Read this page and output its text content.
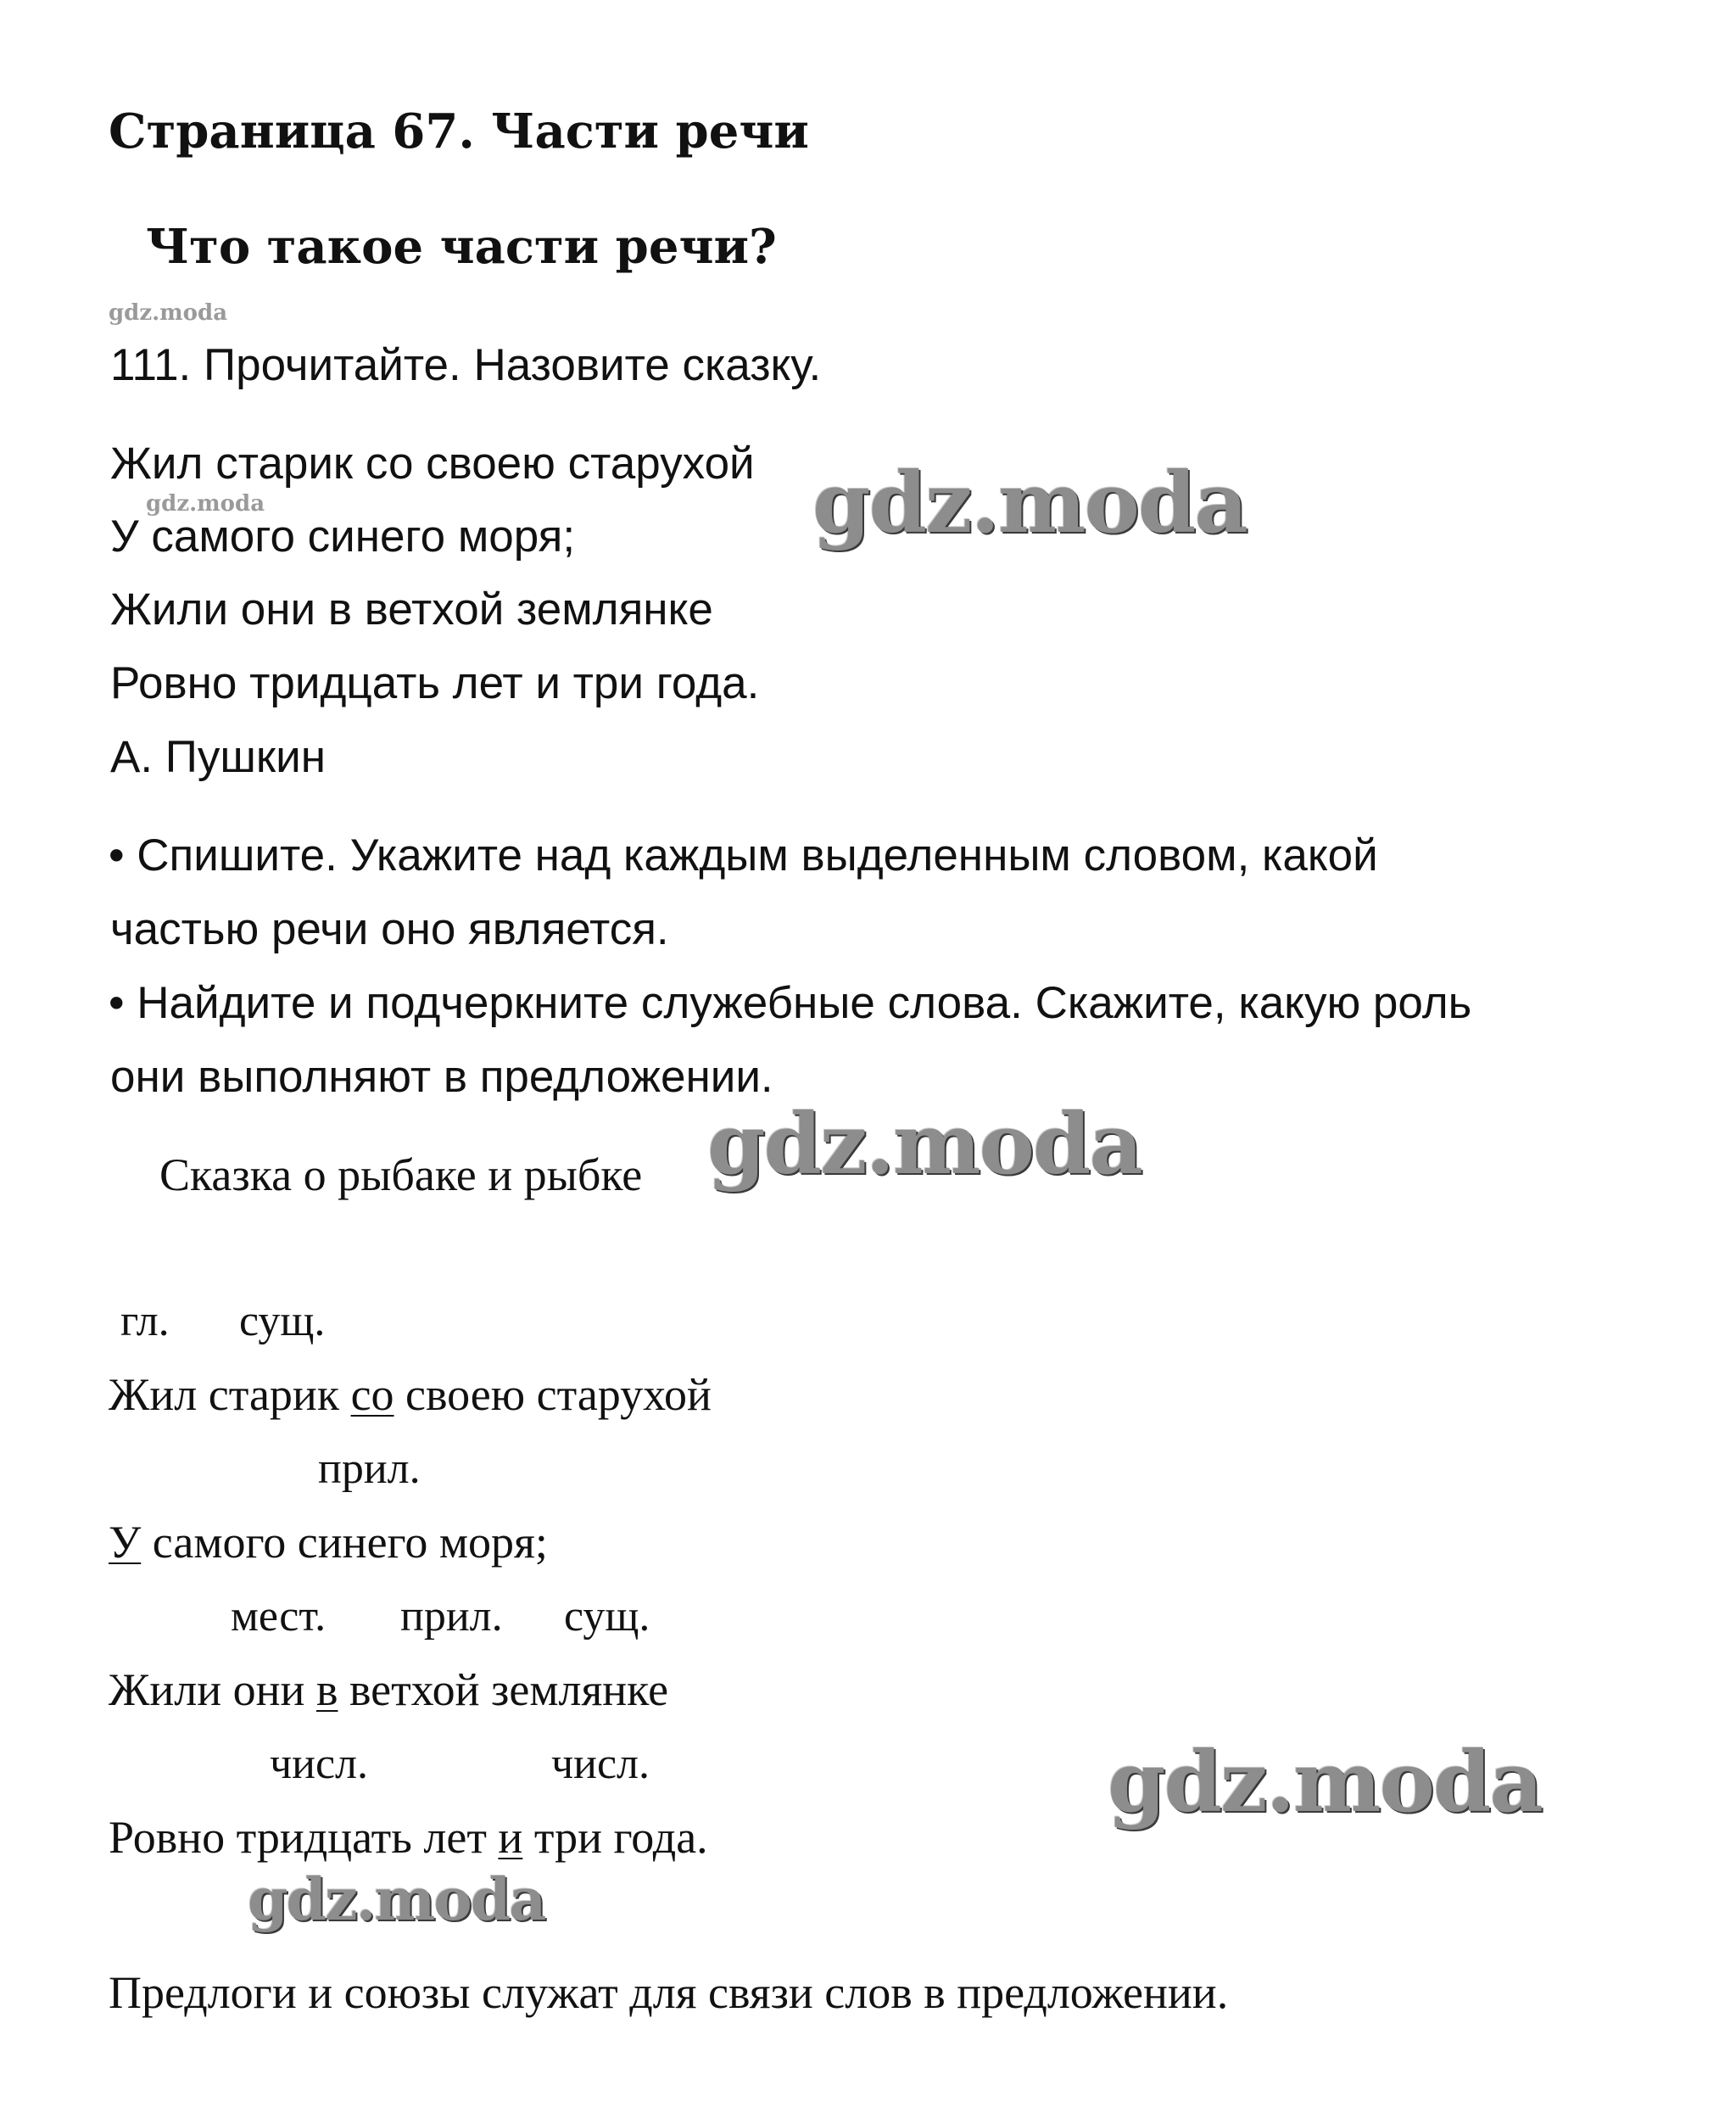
Страница 67. Части речи
Что такое части речи?
gdz.moda
gdz.moda
111. Прочитайте. Назовите сказку.
Жил старик со своею старухой
У самого синего моря;
Жили они в ветхой землянке
Ровно тридцать лет и три года.
А. Пушкин
• Спишите. Укажите над каждым выделенным словом, какой
частью речи оно является.
• Найдите и подчеркните служебные слова. Скажите, какую роль
они выполняют в предложении.
Сказка о рыбаке и рыбке
гл. сущ.
Жил старик со своею старухой
прил.
У самого синего моря;
мест. прил. сущ.
Жили они в ветхой землянке
числ.	числ.
Ровно тридцать лет и три года.
Предлоги и союзы служат для связи слов в предложении.
gdz.moda
gdz.moda
gdz.moda
gdz.moda
